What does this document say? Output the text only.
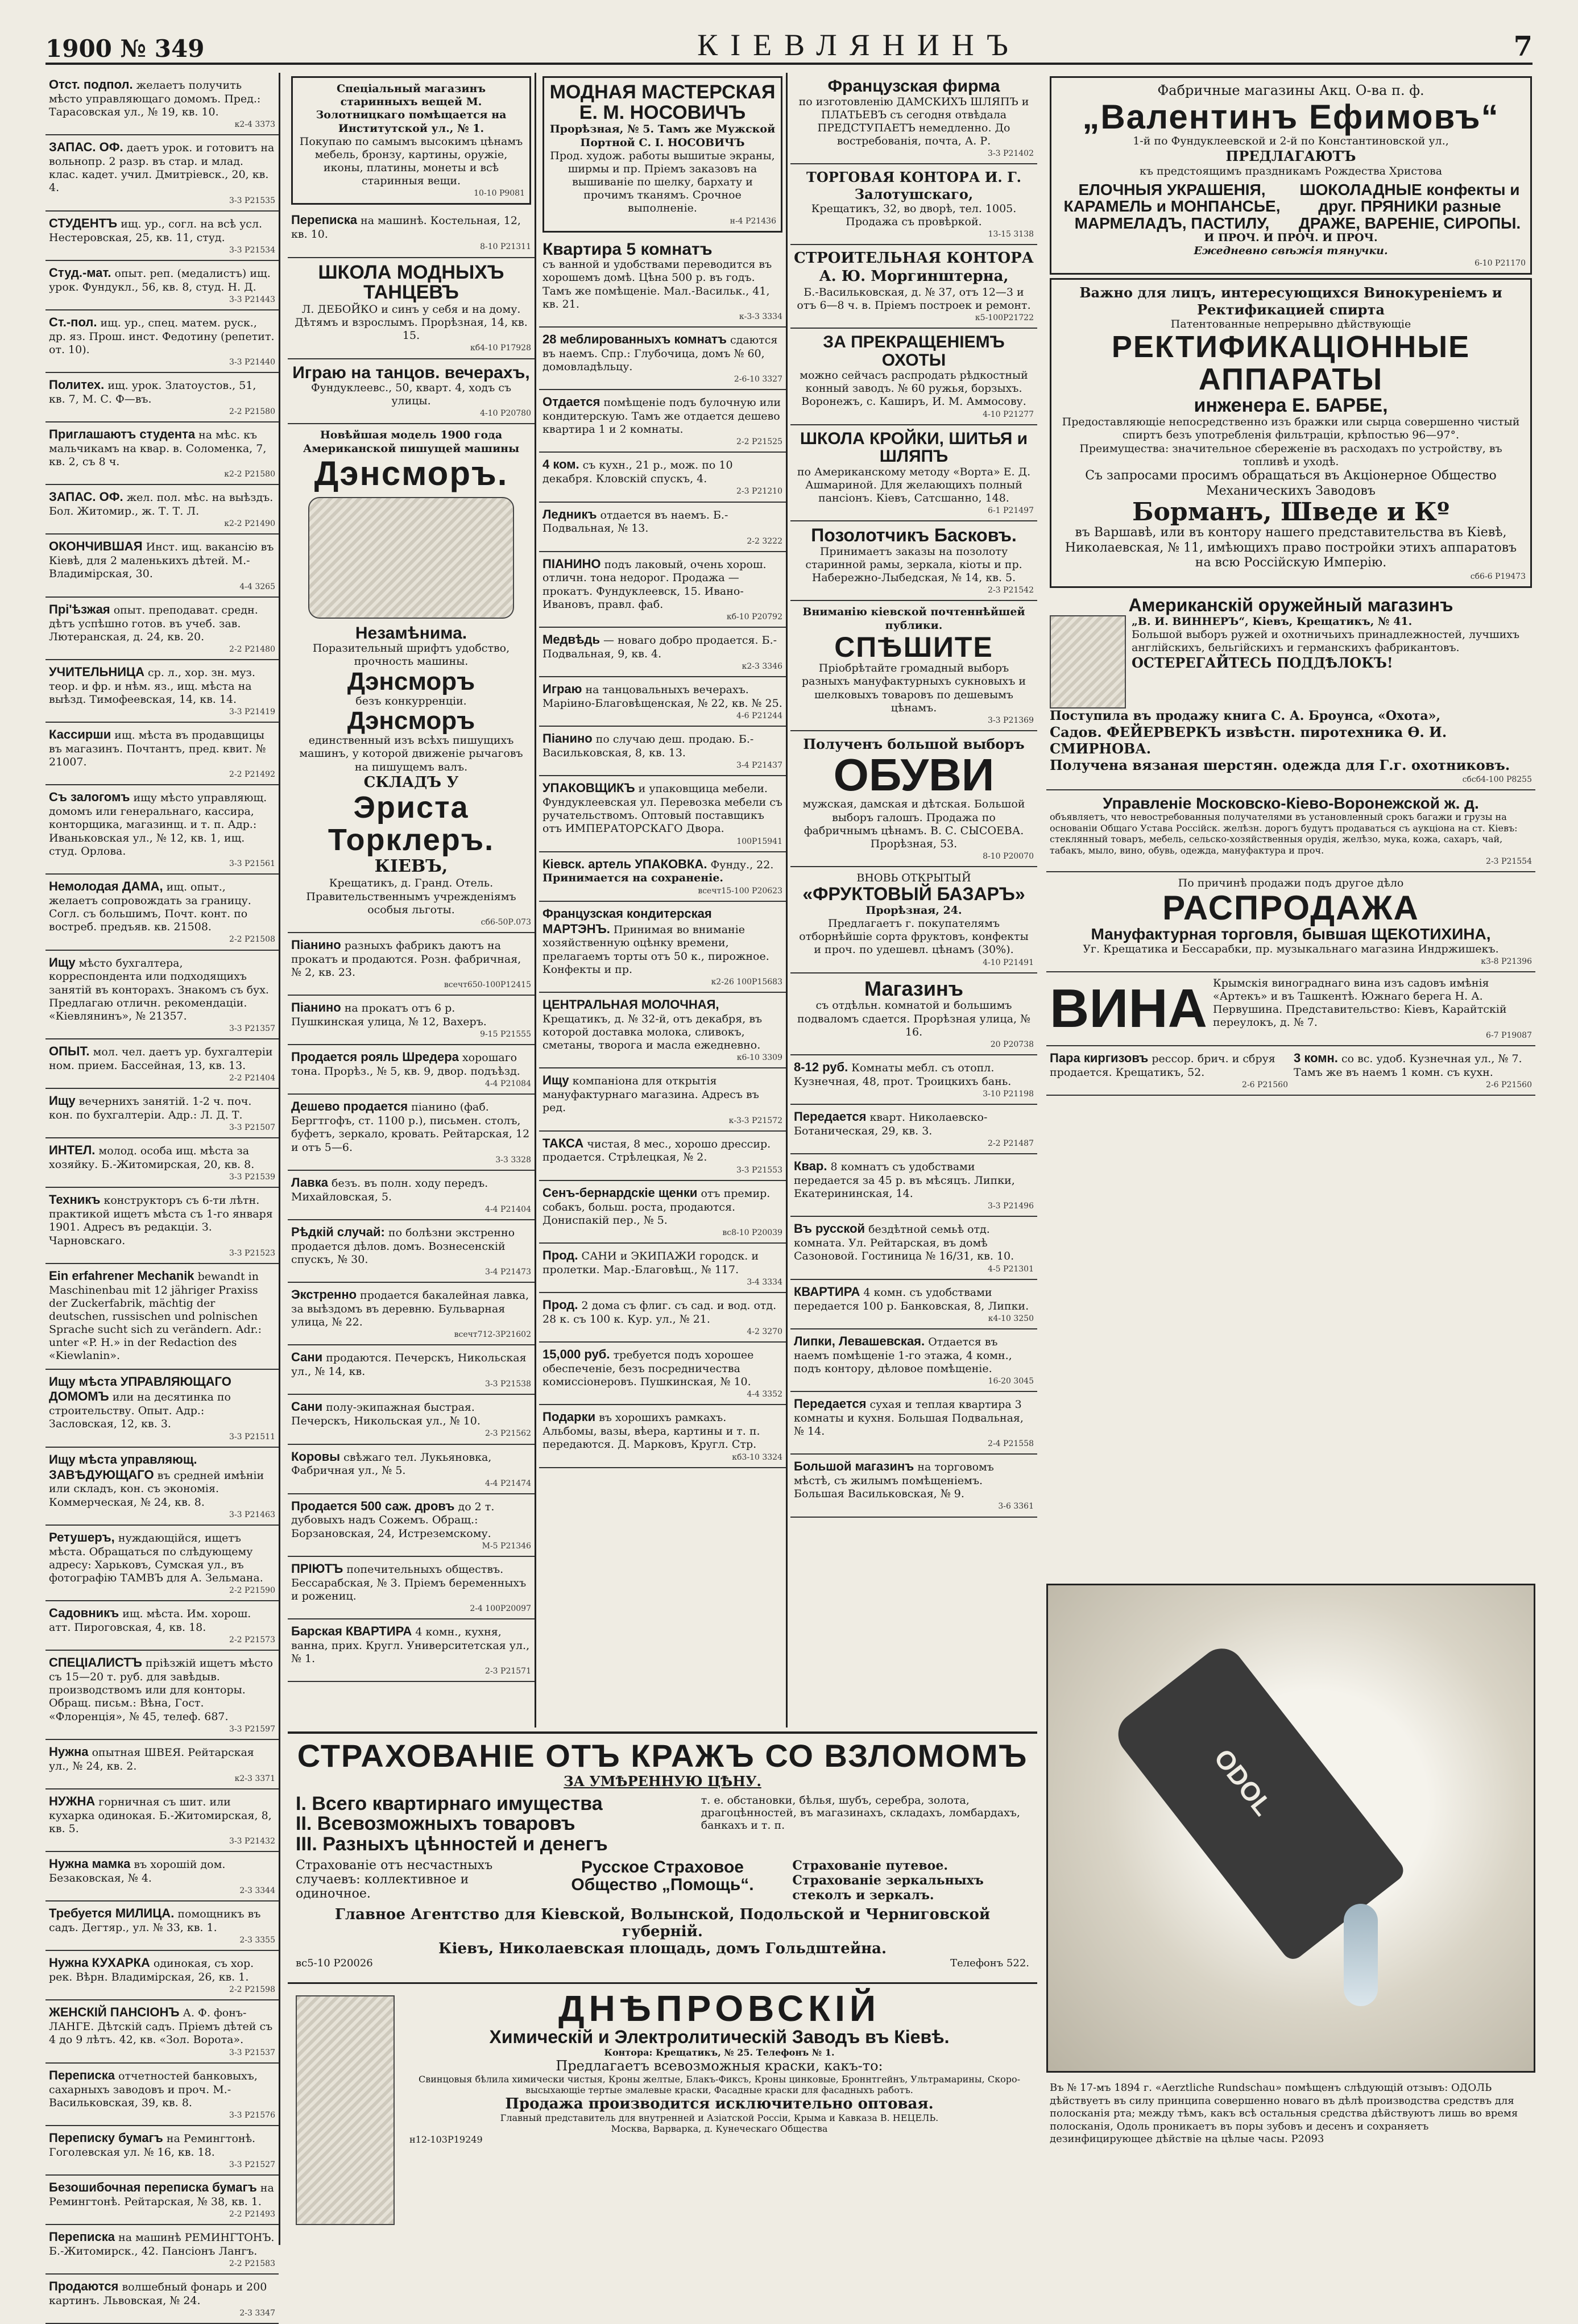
1900 № 349	КІЕВЛЯНИНЪ	7
Отст. подпол. желаетъ получить мѣсто управляющаго домомъ. Пред.: Тарасовская ул., № 19, кв. 10.
к2-4 3373
ЗАПАС. ОФ. даетъ урок. и готовитъ на вольнопр. 2 разр. въ стар. и млад. клас. кадет. учил. Дмитріевск., 20, кв. 4.
3-3 Р21535
СТУДЕНТЪ ищ. ур., согл. на всѣ усл. Нестеровская, 25, кв. 11, студ.
3-3 Р21534
Студ.-мат. опыт. реп. (медалистъ) ищ. урок. Фундукл., 56, кв. 8, студ. Н. Д.
3-3 Р21443
Ст.-пол. ищ. ур., спец. матем. руск., др. яз. Прош. инст. Федотину (репетит. от. 10).
3-3 Р21440
Политех. ищ. урок. Златоустов., 51, кв. 7, М. С. Ф—въ.
2-2 Р21580
Приглашаютъ студента на мѣс. къ мальчикамъ на квар. в. Соломенка, 7, кв. 2, съ 8 ч.
к2-2 Р21580
ЗАПАС. ОФ. жел. пол. мѣс. на выѣздъ. Бол. Житомир., ж. Т. Т. Л.
к2-2 Р21490
ОКОНЧИВШАЯ Инст. ищ. вакансію въ Кіевѣ, для 2 маленькихъ дѣтей. М.-Владимірская, 30.
4-4 3265
Прі'ѣзжая опыт. преподават. средн. дѣтъ успѣшно готов. въ учеб. зав. Лютеранская, д. 24, кв. 20.
2-2 Р21480
УЧИТЕЛЬНИЦА ср. л., хор. зн. муз. теор. и фр. и нѣм. яз., ищ. мѣста на выѣзд. Тимофеевская, 14, кв. 14.
3-3 Р21419
Кассирши ищ. мѣста въ продавщицы въ магазинъ. Почтантъ, пред. квит. № 21007.
2-2 Р21492
Съ залогомъ ищу мѣсто управляющ. домомъ или генеральнаго, кассира, конторщика, магазинщ. и т. п. Адр.: Иваньковская ул., № 12, кв. 1, ищ. студ. Орлова.
3-3 Р21561
Немолодая ДАМА, ищ. опыт., желаетъ сопровождать за границу. Согл. съ большимъ, Почт. конт. по востреб. предъяв. кв. 21508.
2-2 Р21508
Ищу мѣсто бухгалтера, корреспондента или подходящихъ занятій въ конторахъ. Знакомъ съ бух. Предлагаю отличн. рекомендаціи. «Кіевлянинъ», № 21357.
3-3 Р21357
ОПЫТ. мол. чел. даетъ ур. бухгалтеріи ном. прием. Бассейная, 13, кв. 13.
2-2 Р21404
Ищу вечернихъ занятій. 1-2 ч. поч. кон. по бухгалтеріи. Адр.: Л. Д. Т.
3-3 Р21507
ИНТЕЛ. молод. особа ищ. мѣста за хозяйку. Б.-Житомирская, 20, кв. 8.
3-3 Р21539
Техникъ конструкторъ съ 6-ти лѣтн. практикой ищетъ мѣста съ 1-го января 1901. Адресъ въ редакціи. З. Чарновскаго.
3-3 Р21523
Ein erfahrener Mechanik bewandt in Maschinenbau mit 12 jähriger Praxiss der Zuckerfabrik, mächtig der deutschen, russischen und polnischen Sprache sucht sich zu verändern. Adr.: unter «P. H.» in der Redaction des «Kiewlanin».
Ищу мѣста УПРАВЛЯЮЩАГО ДОМОМЪ или на десятинка по строительству. Опыт. Адр.: Засловская, 12, кв. 3.
3-3 Р21511
Ищу мѣста управляющ. ЗАВѢДУЮЩАГО въ средней имѣніи или складъ, кон. съ экономія. Коммерческая, № 24, кв. 8.
3-3 Р21463
Ретушеръ, нуждающійся, ищетъ мѣста. Обращаться по слѣдующему адресу: Харьковъ, Сумская ул., въ фотографію ТАМВЪ для А. Зельмана.
2-2 Р21590
Садовникъ ищ. мѣста. Им. хорош. атт. Пироговская, 4, кв. 18.
2-2 Р21573
СПЕЦІАЛИСТЪ пріѣзжій ищетъ мѣсто съ 15—20 т. руб. для завѣдыв. производствомъ или для конторы. Обращ. письм.: Вѣна, Гост. «Флоренція», № 45, телеф. 687.
3-3 Р21597
Нужна опытная ШВЕЯ. Рейтарская ул., № 24, кв. 2.
к2-3 3371
НУЖНА горничная съ шит. или кухарка одинокая. Б.-Житомирская, 8, кв. 5.
3-3 Р21432
Нужна мамка въ хорошій дом. Безаковская, № 4.
2-3 3344
Требуется МИЛИЦА. помощникъ въ садъ. Дегтяр., ул. № 33, кв. 1.
2-3 3355
Нужна КУХАРКА одинокая, съ хор. рек. Вѣрн. Владимірская, 26, кв. 1.
2-2 Р21598
ЖЕНСКІЙ ПАНСІОНЪ А. Ф. фонъ-ЛАНГЕ. Дѣтскій садъ. Пріемъ дѣтей съ 4 до 9 лѣтъ. 42, кв. «Зол. Ворота».
3-3 Р21537
Переписка отчетностей банковыхъ, сахарныхъ заводовъ и проч. М.-Васильковская, 39, кв. 8.
3-3 Р21576
Переписку бумагъ на Ремингтонѣ. Гоголевская ул. № 16, кв. 18.
3-3 Р21527
Безошибочная переписка бумагъ на Ремингтонѣ. Рейтарская, № 38, кв. 1.
2-2 Р21493
Переписка на машинѣ РЕМИНГТОНЪ. Б.-Житомирск., 42. Пансіонъ Лангъ.
2-2 Р21583
Продаются волшебный фонарь и 200 картинъ. Львовская, № 24.
2-3 3347
Спеціальный магазинъ старинныхъ вещей М. Золотницкаго помѣщается на Институтской ул., № 1.
Покупаю по самымъ высокимъ цѣнамъ мебель, бронзу, картины, оружіе, иконы, платины, монеты и всѣ старинныя вещи.
10-10 Р9081
Перепиcка на машинѣ. Костельная, 12, кв. 10.
8-10 Р21311
ШКОЛА МОДНЫХЪ ТАНЦЕВЪ
Л. ДЕБОЙКО и синъ у себя и на дому. Дѣтямъ и взрослымъ. Прорѣзная, 14, кв. 15.
кб4-10 Р17928
Играю на танцов. вечерахъ,
Фундуклеевс., 50, кварт. 4, ходъ съ улицы.
4-10 Р20780
Новѣйшая модель 1900 года Американской пишущей машины
Дэнсморъ.
Незамѣнима.
Поразительный шрифтъ удобство, прочность машины.
Дэнсморъ
безъ конкурренціи.
Дэнсморъ
единственный изъ всѣхъ пишущихъ машинъ, у которой движеніе рычаговъ на пишущемъ валъ.
СКЛАДЪ У
Эриста Торклеръ.
КІЕВЪ,
Крещатикъ, д. Гранд. Отель. Правительственнымъ учрежденіямъ особыя льготы.
сб6-50Р.073
Піанино разныхъ фабрикъ даютъ на прокатъ и продаются. Розн. фабричная, № 2, кв. 23.
всечт650-100Р12415
Піанино на прокатъ отъ 6 р. Пушкинская улица, № 12, Вахеръ.
9-15 Р21555
Продается рояль Шредера хорошаго тона. Прорѣз., № 5, кв. 9, двор. подъѣзд.
4-4 Р21084
Дешево продается піанино (фаб. Бергтгофъ, ст. 1100 р.), письмен. столъ, буфетъ, зеркало, кровать. Рейтарская, 12 и отъ 5—6.
3-3 3328
Лавка безъ. въ полн. ходу передъ. Михайловская, 5.
4-4 Р21404
Рѣдкій случай: по болѣзни экстренно продается дѣлов. домъ. Вознесенскій спускъ, № 30.
3-4 Р21473
Экстренно продается бакалейная лавка, за выѣздомъ въ деревню. Бульварная улица, № 22.
всечт712-3Р21602
Сани продаются. Печерскъ, Никольская ул., № 14, кв.
3-3 Р21538
Сани полу-экипажная быстрая. Печерскъ, Никольская ул., № 10.
2-3 Р21562
Коровы свѣжаго тел. Лукьяновка, Фабричная ул., № 5.
4-4 Р21474
Продается 500 саж. дровъ до 2 т. дубовыхъ надъ Сожемъ. Обращ.: Борзановская, 24, Истреземскому.
М-5 Р21346
ПРІЮТЪ попечительныхъ обществъ. Бессарабская, № 3. Пріемъ беременныхъ и рожениц.
2-4 100Р20097
Барская КВАРТИРА 4 комн., кухня, ванна, прих. Кругл. Университетская ул., № 1.
2-3 Р21571
МОДНАЯ МАСТЕРСКАЯ Е. М. НОСОВИЧЪ
Прорѣзная, № 5. Тамъ же Мужской Портной С. І. НОСОВИЧЪ
Прод. худож. работы вышитые экраны, ширмы и пр. Пріемъ заказовъ на вышиваніе по шелку, бархату и прочимъ тканямъ. Срочное выполненіе.
н-4 Р21436
Квартира 5 комнатъ
съ ванной и удобствами переводится въ хорошемъ домѣ. Цѣна 500 р. въ годъ. Тамъ же помѣщеніе. Мал.-Васильк., 41, кв. 21.
к-3-3 3334
28 меблированныхъ комнатъ сдаются въ наемъ. Спр.: Глубочица, домъ № 60, домовладѣльцу.
2-6-10 3327
Отдается помѣщеніе подъ булочную или кондитерскую. Тамъ же отдается дешево квартира 1 и 2 комнаты.
2-2 Р21525
4 ком. съ кухн., 21 р., мож. по 10 декабря. Кловскій спускъ, 4.
2-3 Р21210
Ледникъ отдается въ наемъ. Б.-Подвальная, № 13.
2-2 3222
ПІАНИНО подъ лаковый, очень хорош. отличн. тона недорог. Продажа — прокатъ. Фундуклеевск, 15. Ивано-Ивановъ, правл. фаб.
кб-10 Р20792
Медвѣдь — новаго добро продается. Б.-Подвальная, 9, кв. 4.
к2-3 3346
Играю на танцовальныхъ вечерахъ. Маріино-Благовѣщенская, № 22, кв. № 25.
4-6 Р21244
Піанино по случаю деш. продаю. Б.-Васильковская, 8, кв. 13.
3-4 Р21437
УПАКОВЩИКЪ и упаковщица мебели. Фундуклеевская ул. Перевозка мебели съ ручательствомъ. Оптовый поставщикъ отъ ИМПЕРАТОРСКАГО Двора.
100Р15941
Кіевск. артель УПАКОВКА. Фунду., 22.
Принимается на сохраненіе.
всечт15-100 Р20623
Французская кондитерская МАРТЭНЪ. Принимая во вниманіе хозяйственную оцѣнку времени, прелагаемъ торты отъ 50 к., пирожное. Конфекты и пр.
к2-26 100Р15683
ЦЕНТРАЛЬНАЯ МОЛОЧНАЯ, Крещатикъ, д. № 32-й, отъ декабря, въ которой доставка молока, сливокъ, сметаны, творога и масла ежедневно.
к6-10 3309
Ищу компаніона для открытія мануфактурнаго магазина. Адресъ въ ред.
к-3-3 Р21572
ТАКСА чистая, 8 мес., хорошо дрессир. продается. Стрѣлецкая, № 2.
3-3 Р21553
Сенъ-бернардскіе щенки отъ премир. собакъ, больш. роста, продаются. Дониспакій пер., № 5.
вс8-10 Р20039
Прод. САНИ и ЭКИПАЖИ городск. и пролетки. Мар.-Благовѣщ., № 117.
3-4 3334
Прод. 2 дома съ флиг. съ сад. и вод. отд. 28 к. съ 100 к. Кур. ул., № 21.
4-2 3270
15,000 руб. требуется подъ хорошее обеспеченіе, безъ посредничества комиссіонеровъ. Пушкинская, № 10.
4-4 3352
Подарки въ хорошихъ рамкахъ. Альбомы, вазы, вѣера, картины и т. п. передаются. Д. Марковъ, Кругл. Стр.
кб3-10 3324
Французская фирма
по изготовленію ДАМСКИХЪ ШЛЯПЪ и ПЛАТЬЕВЪ съ сегодня отвѣдала ПРЕДСТУПАЕТЪ немедленно. До востребованія, почта, А. Р.
3-3 Р21402
ТОРГОВАЯ КОНТОРА И. Г. Залотушскаго,
Крещатикъ, 32, во дворѣ, тел. 1005. Продажа съ провѣркой.
13-15 3138
СТРОИТЕЛЬНАЯ КОНТОРА А. Ю. Моргинштерна,
Б.-Васильковская, д. № 37, отъ 12—3 и отъ 6—8 ч. в. Пріемъ построек и ремонт.
к5-100Р21722
ЗА ПРЕКРАЩЕНІЕМЪ ОХОТЫ
можно сейчасъ распродать рѣдкостный конный заводъ. № 60 ружья, борзыхъ. Воронежъ, с. Каширъ, И. М. Аммосову.
4-10 Р21277
ШКОЛА КРОЙКИ, ШИТЬЯ и ШЛЯПЪ
по Американскому методу «Ворта» Е. Д. Ашмариной. Для желающихъ полный пансіонъ. Кіевъ, Сатсшанно, 148.
6-1 Р21497
Позолотчикъ Басковъ.
Принимаетъ заказы на позолоту старинной рамы, зеркала, кіоты и пр. Набережно-Лыбедская, № 14, кв. 5.
2-3 Р21542
Вниманію кіевской почтеннѣйшей публики.
СПѢШИТЕ
Пріобрѣтайте громадный выборъ разныхъ мануфактурныхъ сукновыхъ и шелковыхъ товаровъ по дешевымъ цѣнамъ.
3-3 Р21369
Полученъ большой выборъ
ОБУВИ
мужская, дамская и дѣтская. Большой выборъ галошъ. Продажа по фабричнымъ цѣнамъ. В. С. СЫСОЕВА. Прорѣзная, 53.
8-10 Р20070
ВНОВЬ ОТКРЫТЫЙ
«ФРУКТОВЫЙ БАЗАРЪ»
Прорѣзная, 24.
Предлагаетъ г. покупателямъ отборнѣйшіе сорта фруктовъ, конфекты и проч. по удешевл. цѣнамъ (30%).
4-10 Р21491
Магазинъ
съ отдѣльн. комнатой и большимъ подваломъ сдается. Прорѣзная улица, № 16.
20 Р20738
8-12 руб. Комнаты мебл. съ отопл. Кузнечная, 48, прот. Троицкихъ бань.
3-10 Р21198
Передается кварт. Николаевско-Ботаническая, 29, кв. 3.
2-2 Р21487
Квар. 8 комнатъ съ удобствами передается за 45 р. въ мѣсяцъ. Липки, Екатерининская, 14.
3-3 Р21496
Въ русской бездѣтной семьѣ отд. комната. Ул. Рейтарская, въ домѣ Сазоновой. Гостиница № 16/31, кв. 10.
4-5 Р21301
КВАРТИРА 4 комн. съ удобствами передается 100 р. Банковская, 8, Липки.
к4-10 3250
Липки, Левашевская. Отдается въ наемъ помѣщеніе 1-го этажа, 4 комн., подъ контору, дѣловое помѣщеніе.
16-20 3045
Передается сухая и теплая квартира 3 комнаты и кухня. Большая Подвальная, № 14.
2-4 Р21558
Большой магазинъ на торговомъ мѣстѣ, съ жилымъ помѣщеніемъ. Большая Васильковская, № 9.
3-6 3361
Фабричные магазины Акц. О-ва п. ф.
„Валентинъ Ефимовъ“
1-й по Фундуклеевской и 2-й по Константиновской ул.,
ПРЕДЛАГАЮТЪ
къ предстоящимъ праздникамъ Рождества Христова
ЕЛОЧНЫЯ УКРАШЕНІЯ, КАРАМЕЛЬ и МОНПАНСЬЕ, МАРМЕЛАДЪ, ПАСТИЛУ,
ШОКОЛАДНЫЕ конфекты и друг. ПРЯНИКИ разные ДРАЖЕ, ВАРЕНІЕ, СИРОПЫ.
И ПРОЧ. И ПРОЧ. И ПРОЧ.
Ежедневно свѣжія тянучки.
6-10 Р21170
Важно для лицъ, интересующихся Винокуреніемъ и Ректификацией спирта
Патентованные непрерывно дѣйствующіе
РЕКТИФИКАЦІОННЫЕ АППАРАТЫ
инженера Е. БАРБЕ,
Предоставляющіе непосредственно изъ бражки или сырца совершенно чистый спиртъ безъ употребленія фильтраціи, крѣпостью 96—97°.
Преимущества: значительное сбереженіе въ расходахъ по устройству, въ топливѣ и уходѣ.
Съ запросами просимъ обращаться въ Акціонерное Общество Механическихъ Заводовъ
Борманъ, Шведе и Кº
въ Варшавѣ, или въ контору нашего представительства въ Кіевѣ, Николаевская, № 11, имѣющихъ право постройки этихъ аппаратовъ на всю Россійскую Имперію.
сб6-6 Р19473
Американскій оружейный магазинъ
„В. И. ВИННЕРЪ“, Кіевъ, Крещатикъ, № 41.
Большой выборъ ружей и охотничьихъ принадлежностей, лучшихъ англійскихъ, бельгійскихъ и германскихъ фабрикантовъ.
ОСТЕРЕГАЙТЕСЬ ПОДДѢЛОКЪ!
Поступила въ продажу книга С. А. Броунса, «Охота»,
Садов. ФЕЙЕРВЕРКЪ извѣстн. пиротехника Ѳ. И. СМИРНОВА.
Получена вязаная шерстян. одежда для Г.г. охотниковъ.
сбсб4-100 Р8255
Управленіе Московско-Кіево-Воронежской ж. д.
объявляетъ, что невостребованныя получателями въ установленный срокъ багажи и грузы на основаніи Общаго Устава Россійск. желѣзн. дорогъ будутъ продаваться съ аукціона на ст. Кіевъ: стеклянный товаръ, мебель, сельско-хозяйственныя орудія, желѣзо, мука, кожа, сахаръ, чай, табакъ, мыло, вино, обувь, одежда, мануфактура и проч.
2-3 Р21554
По причинѣ продажи подъ другое дѣло
РАСПРОДАЖА
Мануфактурная торговля, бывшая ЩЕКОТИХИНА,
Уг. Крещатика и Бессарабки, пр. музыкальнаго магазина Индржишекъ.
к3-8 Р21396
ВИНА Крымскія винограднаго вина изъ садовъ имѣнія «Артекъ» и въ Ташкентѣ. Южнаго берега Н. А. Первушина. Представительство: Кіевъ, Карайтскій переулокъ, д. № 7.
6-7 Р19087
Пара киргизовъ рессор. брич. и сбруя продается. Крещатикъ, 52.
2-6 Р21560
3 комн. со вс. удоб. Кузнечная ул., № 7. Тамъ же въ наемъ 1 комн. съ кухн.
2-6 Р21560
ODOL
Въ № 17-мъ 1894 г. «Aerztliche Rundschau» помѣщенъ слѣдующій отзывъ: ОДОЛЬ дѣйствуетъ въ силу принципа совершенно новаго въ дѣлѣ производства средствъ для полосканія рта; между тѣмъ, какъ всѣ остальныя средства дѣйствуютъ лишь во время полосканія, Одоль проникаетъ въ поры зубовъ и десенъ и сохраняетъ дезинфицирующее дѣйствіе на цѣлые часы. Р2093
СТРАХОВАНІЕ ОТЪ КРАЖЪ СО ВЗЛОМОМЪ
ЗА УМѢРЕННУЮ ЦѢНУ.
I. Всего квартирнаго имущества
II. Всевозможныхъ товаровъ
III. Разныхъ цѣнностей и денегъ
т. е. обстановки, бѣлья, шубъ, серебра, золота, драгоцѣнностей, въ магазинахъ, складахъ, ломбардахъ, банкахъ и т. п.
Страхованіе отъ несчастныхъ случаевъ: коллективное и одиночное.
Русское Страховое Общество „Помощь“.
Страхованіе путевое. Страхованіе зеркальныхъ стеколъ и зеркалъ.
Главное Агентство для Кіевской, Волынской, Подольской и Черниговской губерній.
Кіевъ, Николаевская площадь, домъ Гольдштейна.
вс5-10 Р20026	Телефонъ 522.
ДНѢПРОВСКІЙ
Химическій и Электролитическій Заводъ въ Кіевѣ.
Контора: Крещатикъ, № 25. Телефонъ № 1.
Предлагаетъ всевозможныя краски, какъ-то:
Свинцовыя бѣлила химически чистыя, Кроны желтые, Блакъ-Фиксъ, Кроны цинковые, Броннтгейнъ, Ультрамарины, Скоро-высыхающіе тертые эмалевые краски, Фасадные краски для фасадныхъ работъ.
Продажа производится исключительно оптовая.
Главный представитель для внутренней и Азіатской Россіи, Крыма и Кавказа В. НЕЦЕЛЬ.
Москва, Варварка, д. Кунеческаго Общества
н12-103Р19249
